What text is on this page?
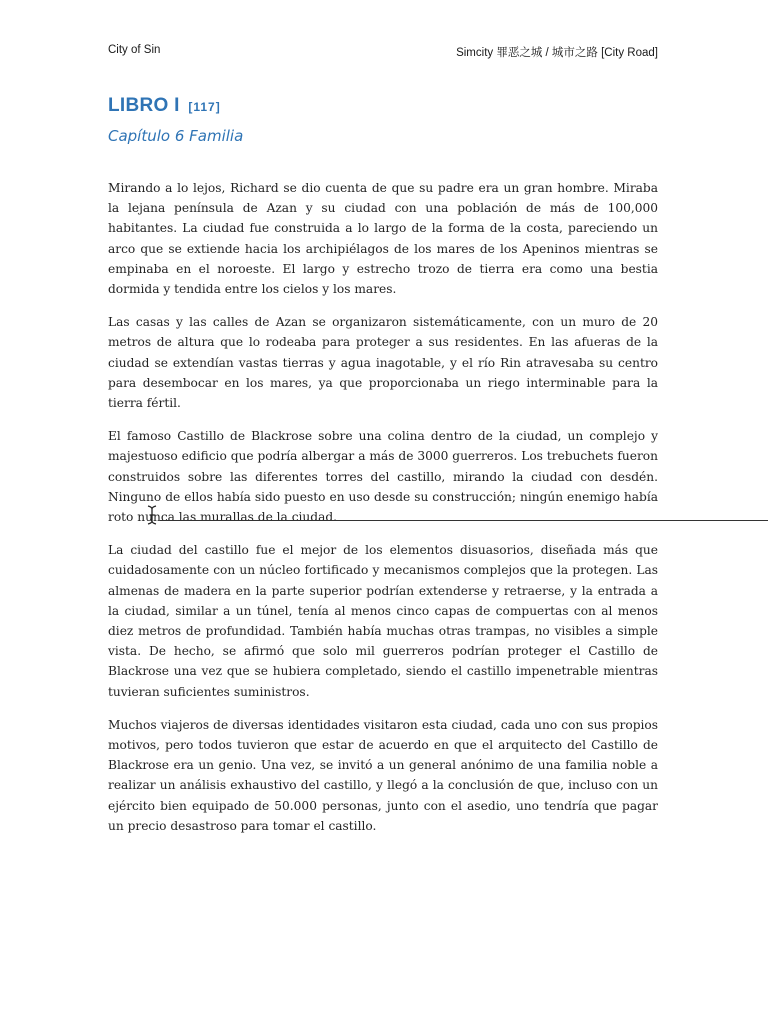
City of Sin	Simcity 罪恶之城 / 城市之路 [City Road]
LIBRO I [117]
Capítulo 6 Familia

Mirando a lo lejos, Richard se dio cuenta de que su padre era un gran hombre. Miraba la lejana península de Azan y su ciudad con una población de más de 100,000 habitantes. La ciudad fue construida a lo largo de la forma de la costa, pareciendo un arco que se extiende hacia los archipiélagos de los mares de los Apeninos mientras se empinaba en el noroeste. El largo y estrecho trozo de tierra era como una bestia dormida y tendida entre los cielos y los mares.

Las casas y las calles de Azan se organizaron sistemáticamente, con un muro de 20 metros de altura que lo rodeaba para proteger a sus residentes. En las afueras de la ciudad se extendían vastas tierras y agua inagotable, y el río Rin atravesaba su centro para desembocar en los mares, ya que proporcionaba un riego interminable para la tierra fértil.

El famoso Castillo de Blackrose sobre una colina dentro de la ciudad, un complejo y majestuoso edificio que podría albergar a más de 3000 guerreros. Los trebuchets fueron construidos sobre las diferentes torres del castillo, mirando la ciudad con desdén. Ninguno de ellos había sido puesto en uso desde su construcción; ningún enemigo había roto nunca las murallas de la ciudad.

La ciudad del castillo fue el mejor de los elementos disuasorios, diseñada más que cuidadosamente con un núcleo fortificado y mecanismos complejos que la protegen. Las almenas de madera en la parte superior podrían extenderse y retraerse, y la entrada a la ciudad, similar a un túnel, tenía al menos cinco capas de compuertas con al menos diez metros de profundidad. También había muchas otras trampas, no visibles a simple vista. De hecho, se afirmó que solo mil guerreros podrían proteger el Castillo de Blackrose una vez que se hubiera completado, siendo el castillo impenetrable mientras tuvieran suficientes suministros.

Muchos viajeros de diversas identidades visitaron esta ciudad, cada uno con sus propios motivos, pero todos tuvieron que estar de acuerdo en que el arquitecto del Castillo de Blackrose era un genio. Una vez, se invitó a un general anónimo de una familia noble a realizar un análisis exhaustivo del castillo, y llegó a la conclusión de que, incluso con un ejército bien equipado de 50.000 personas, junto con el asedio, uno tendría que pagar un precio desastroso para tomar el castillo.
